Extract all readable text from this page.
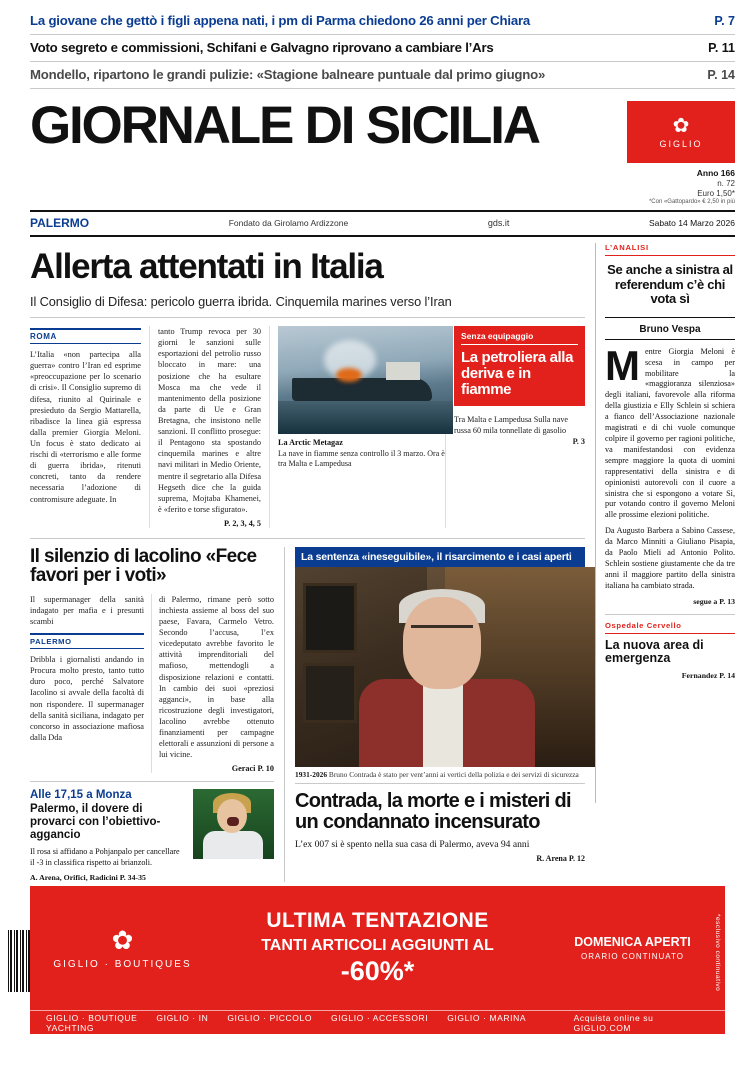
La giovane che gettò i figli appena nati, i pm di Parma chiedono 26 anni per Chiara	P. 7
Voto segreto e commissioni, Schifani e Galvagno riprovano a cambiare l’Ars	P. 11
Mondello, ripartono le grandi pulizie: «Stagione balneare puntuale dal primo giugno»	P. 14
GIORNALE DI SICILIA	✿
GIGLIO
Anno 166
n. 72
Euro 1,50*
*Con «Gattopardo» € 2,50 in più
PALERMO	Fondato da Girolamo Ardizzone	gds.it	Sabato 14 Marzo 2026
Allerta attentati in Italia
Il Consiglio di Difesa: pericolo guerra ibrida. Cinquemila marines verso l’Iran
ROMA
L’Italia «non partecipa alla guerra» contro l’Iran ed esprime «preoccupazione per lo scenario di crisi». Il Consiglio supremo di difesa, riunito al Quirinale e presieduto da Sergio Mattarella, ribadisce la linea già espressa dalla premier Giorgia Meloni. Un focus è stato dedicato ai rischi di «terrorismo e alle forme di guerra ibrida», ritenuti concreti, tanto da rendere necessaria l’adozione di contromisure adeguate. In
tanto Trump revoca per 30 giorni le sanzioni sulle esportazioni del petrolio russo bloccato in mare: una posizione che ha esultare Mosca ma che vede il mantenimento della posizione da parte di Ue e Gran Bretagna, che insistono nelle sanzioni. Il conflitto prosegue: il Pentagono sta spostando cinquemila marines e altre navi militari in Medio Oriente, mentre il segretario alla Difesa Hegseth dice che la guida suprema, Mojtaba Khamenei, è «ferito e torse sfigurato».
P. 2, 3, 4, 5
La Arctic Metagaz
La nave in fiamme senza controllo il 3 marzo. Ora è tra Malta e Lampedusa
Senza equipaggio
La petroliera alla deriva e in fiamme
Tra Malta e Lampedusa Sulla nave russa 60 mila tonnellate di gasolio
P. 3
Il silenzio di Iacolino «Fece favori per i voti»
Il supermanager della sanità indagato per mafia e i presunti scambi
PALERMO
Dribbla i giornalisti andando in Procura molto presto, tanto tutto duro poco, perché Salvatore Iacolino si avvale della facoltà di non rispondere. Il supermanager della sanità siciliana, indagato per concorso in associazione mafiosa dalla Dda
di Palermo, rimane però sotto inchiesta assieme al boss del suo paese, Favara, Carmelo Vetro. Secondo l’accusa, l’ex vicedeputato avrebbe favorito le attività imprenditoriali del mafioso, mettendogli a disposizione relazioni e contatti. In cambio dei suoi «preziosi agganci», in base alla ricostruzione degli investigatori, Iacolino avrebbe ottenuto finanziamenti per campagne elettorali e assunzioni di persone a lui vicine.
Geraci P. 10
Alle 17,15 a Monza
Palermo, il dovere di provarci con l’obiettivo-aggancio
Il rosa si affidano a Pohjanpalo per cancellare il -3 in classifica rispetto ai brianzoli.
A. Arena, Orifici, Radicini P. 34-35
La sentenza «ineseguibile», il risarcimento e i casi aperti
1931-2026 Bruno Contrada è stato per vent’anni ai vertici della polizia e dei servizi di sicurezza
Contrada, la morte e i misteri di un condannato incensurato
L’ex 007 si è spento nella sua casa di Palermo, aveva 94 anni
R. Arena P. 12
L’ANALISI
Se anche a sinistra al referendum c’è chi vota sì
Bruno Vespa
M entre Giorgia Meloni è scesa in campo per mobilitare la «maggioranza silenziosa» degli italiani, favorevole alla riforma della giustizia e Elly Schlein si schiera a fianco dell’Associazione nazionale magistrati e di chi vuole comunque colpire il governo per ragioni politiche, va manifestandosi con evidenza sempre maggiore la quota di uomini rappresentativi della sinistra e di opinionisti autorevoli con il cuore a sinistra che si espongono a votare Sì, pur votando contro il governo Meloni alle prossime elezioni politiche.
Da Augusto Barbera a Sabino Cassese, da Marco Minniti a Giuliano Pisapia, da Paolo Mieli ad Antonio Polito. Schlein sostiene giustamente che da tre anni il maggiore partito della sinistra italiana ha cambiato strada.
segue a P. 13
Ospedale Cervello
La nuova area di emergenza
Fernandez P. 14
✿
GIGLIO · BOUTIQUES
ULTIMA TENTAZIONE
TANTI ARTICOLI AGGIUNTI AL
-60%*
DOMENICA APERTI
ORARIO CONTINUATO
GIGLIO · BOUTIQUE GIGLIO · IN GIGLIO · PICCOLO GIGLIO · ACCESSORI GIGLIO · MARINA YACHTING
Acquista online su GIGLIO.COM
*esclusivo continuativo
